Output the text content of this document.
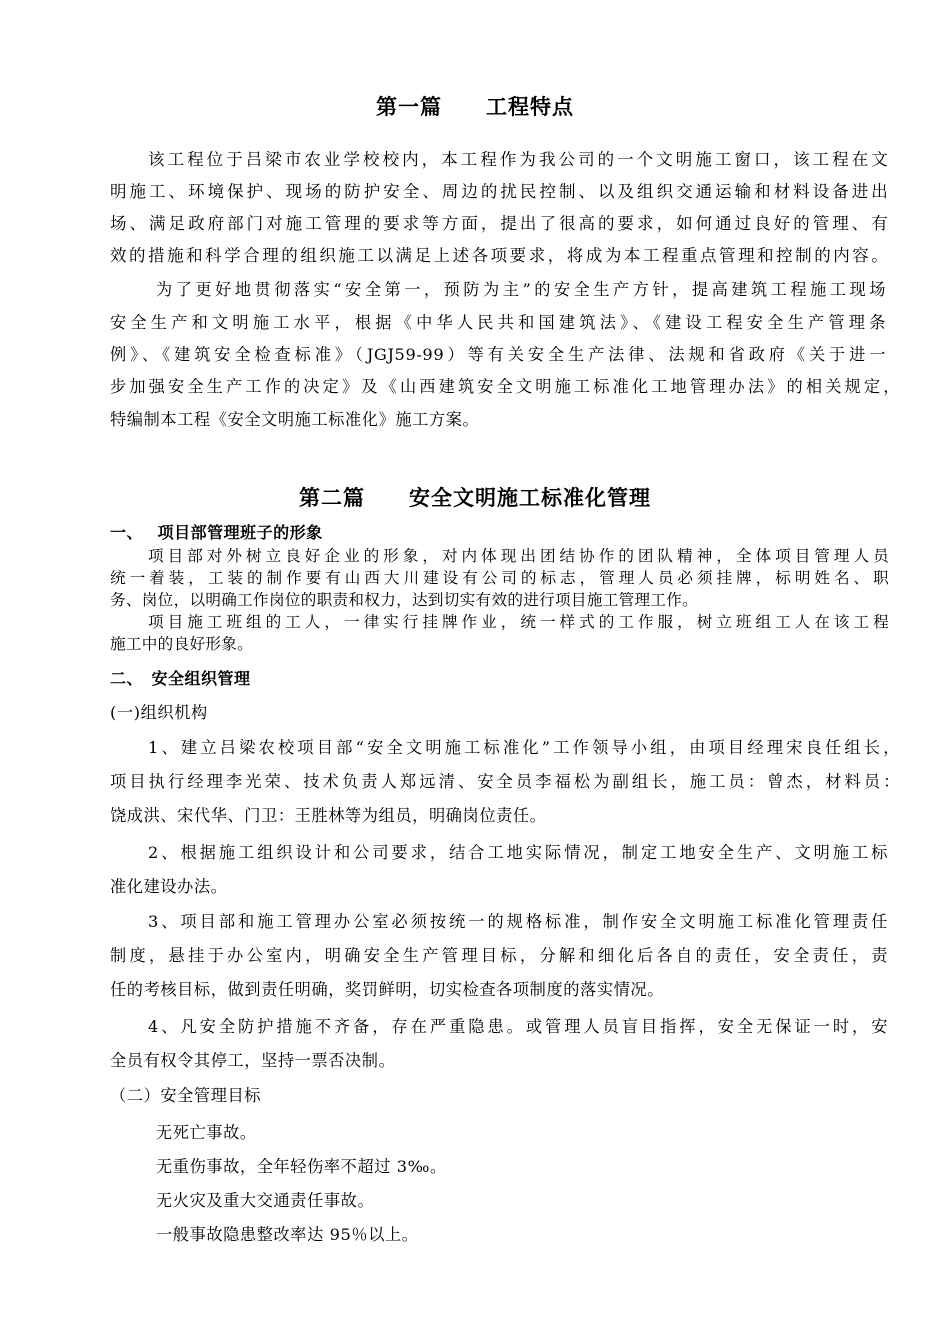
第一篇　　工程特点
该工程位于吕梁市农业学校校内，本工程作为我公司的一个文明施工窗口，该工程在文
明施工、环境保护、现场的防护安全、周边的扰民控制、以及组织交通运输和材料设备进出
场、满足政府部门对施工管理的要求等方面，提出了很高的要求，如何通过良好的管理、有
效的措施和科学合理的组织施工以满足上述各项要求，将成为本工程重点管理和控制的内容。
为了更好地贯彻落实“安全第一，预防为主”的安全生产方针，提高建筑工程施工现场
安全生产和文明施工水平，根据《中华人民共和国建筑法》、《建设工程安全生产管理条
例》、《建筑安全检查标准》（JGJ59-99）等有关安全生产法律、法规和省政府《关于进一
步加强安全生产工作的决定》及《山西建筑安全文明施工标准化工地管理办法》的相关规定，
特编制本工程《安全文明施工标准化》施工方案。
第二篇　　安全文明施工标准化管理
一、　 项目部管理班子的形象
项目部对外树立良好企业的形象，对内体现出团结协作的团队精神，全体项目管理人员
统一着装，工装的制作要有山西大川建设有公司的标志，管理人员必须挂牌，标明姓名、职
务、岗位，以明确工作岗位的职责和权力，达到切实有效的进行项目施工管理工作。
项目施工班组的工人，一律实行挂牌作业，统一样式的工作服，树立班组工人在该工程
施工中的良好形象。
二、　安全组织管理
(一)组织机构
1、建立吕梁农校项目部“安全文明施工标准化”工作领导小组，由项目经理宋良任组长，
项目执行经理李光荣、技术负责人郑远清、安全员李福松为副组长，施工员：曾杰，材料员：
饶成洪、宋代华、门卫：王胜林等为组员，明确岗位责任。
2、根据施工组织设计和公司要求，结合工地实际情况，制定工地安全生产、文明施工标
准化建设办法。
3、项目部和施工管理办公室必须按统一的规格标准，制作安全文明施工标准化管理责任
制度，悬挂于办公室内，明确安全生产管理目标，分解和细化后各自的责任，安全责任，责
任的考核目标，做到责任明确，奖罚鲜明，切实检查各项制度的落实情况。
4、凡安全防护措施不齐备，存在严重隐患。或管理人员盲目指挥，安全无保证一时，安
全员有权令其停工，坚持一票否决制。
（二）安全管理目标
无死亡事故。
无重伤事故，全年轻伤率不超过 3‰。
无火灾及重大交通责任事故。
一般事故隐患整改率达 95％以上。
